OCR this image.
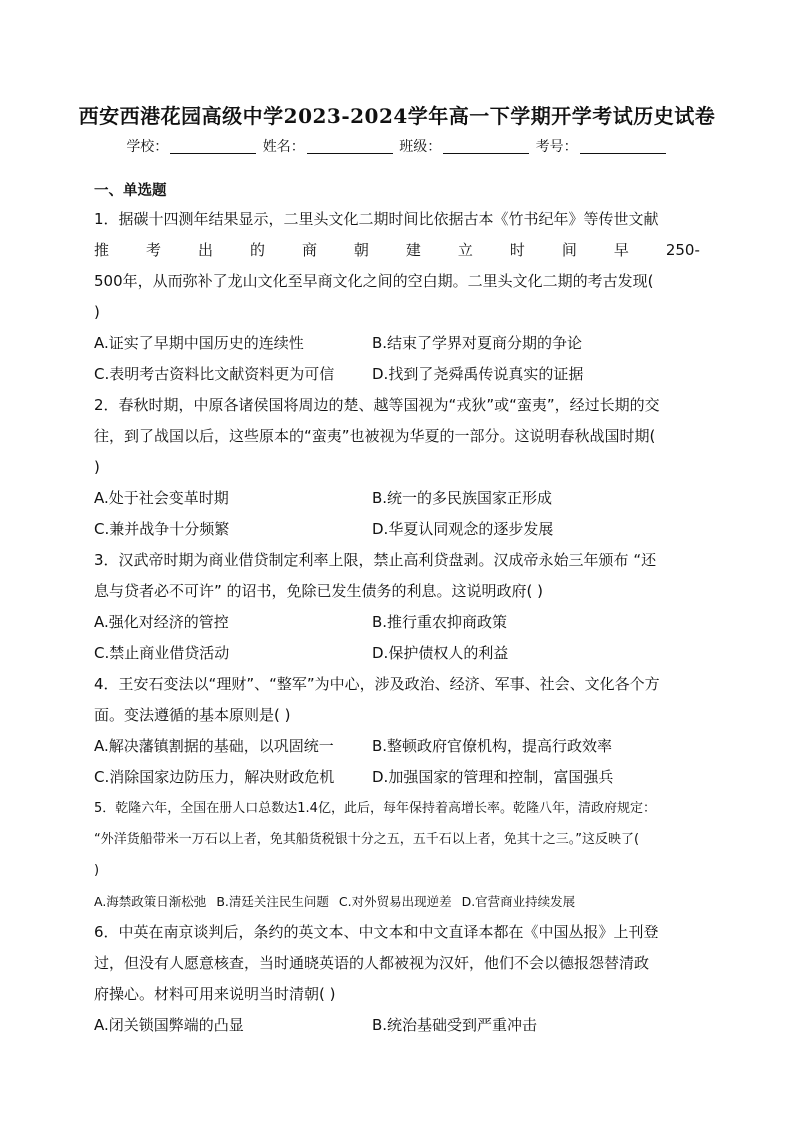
西安西港花园高级中学2023-2024学年高一下学期开学考试历史试卷
学校：	姓名：	班级：	考号：
一、单选题
1．据碳十四测年结果显示，二里头文化二期时间比依据古本《竹书纪年》等传世文献
推 考 出 的 商 朝 建 立 时 间 早 250-
500年，从而弥补了龙山文化至早商文化之间的空白期。二里头文化二期的考古发现(
)
A.证实了早期中国历史的连续性	B.结束了学界对夏商分期的争论
C.表明考古资料比文献资料更为可信	D.找到了尧舜禹传说真实的证据
2．春秋时期，中原各诸侯国将周边的楚、越等国视为“戎狄”或“蛮夷”，经过长期的交
往，到了战国以后，这些原本的“蛮夷”也被视为华夏的一部分。这说明春秋战国时期(
)
A.处于社会变革时期	B.统一的多民族国家正形成
C.兼并战争十分频繁	D.华夏认同观念的逐步发展
3．汉武帝时期为商业借贷制定利率上限，禁止高利贷盘剥。汉成帝永始三年颁布 “还
息与贷者必不可许” 的诏书，免除已发生债务的利息。这说明政府( )
A.强化对经济的管控	B.推行重农抑商政策
C.禁止商业借贷活动	D.保护债权人的利益
4．王安石变法以“理财”、“整军”为中心，涉及政治、经济、军事、社会、文化各个方
面。变法遵循的基本原则是( )
A.解决藩镇割据的基础，以巩固统一	B.整顿政府官僚机构，提高行政效率
C.消除国家边防压力，解决财政危机	D.加强国家的管理和控制，富国强兵
5．乾隆六年，全国在册人口总数达1.4亿，此后，每年保持着高增长率。乾隆八年，清政府规定：
“外洋货船带米一万石以上者，免其船货税银十分之五，五千石以上者，免其十之三。”这反映了(
)
A.海禁政策日渐松弛 B.清廷关注民生问题 C.对外贸易出现逆差 D.官营商业持续发展
6．中英在南京谈判后，条约的英文本、中文本和中文直译本都在《中国丛报》上刊登
过，但没有人愿意核查，当时通晓英语的人都被视为汉奸，他们不会以德报怨替清政
府操心。材料可用来说明当时清朝( )
A.闭关锁国弊端的凸显	B.统治基础受到严重冲击
